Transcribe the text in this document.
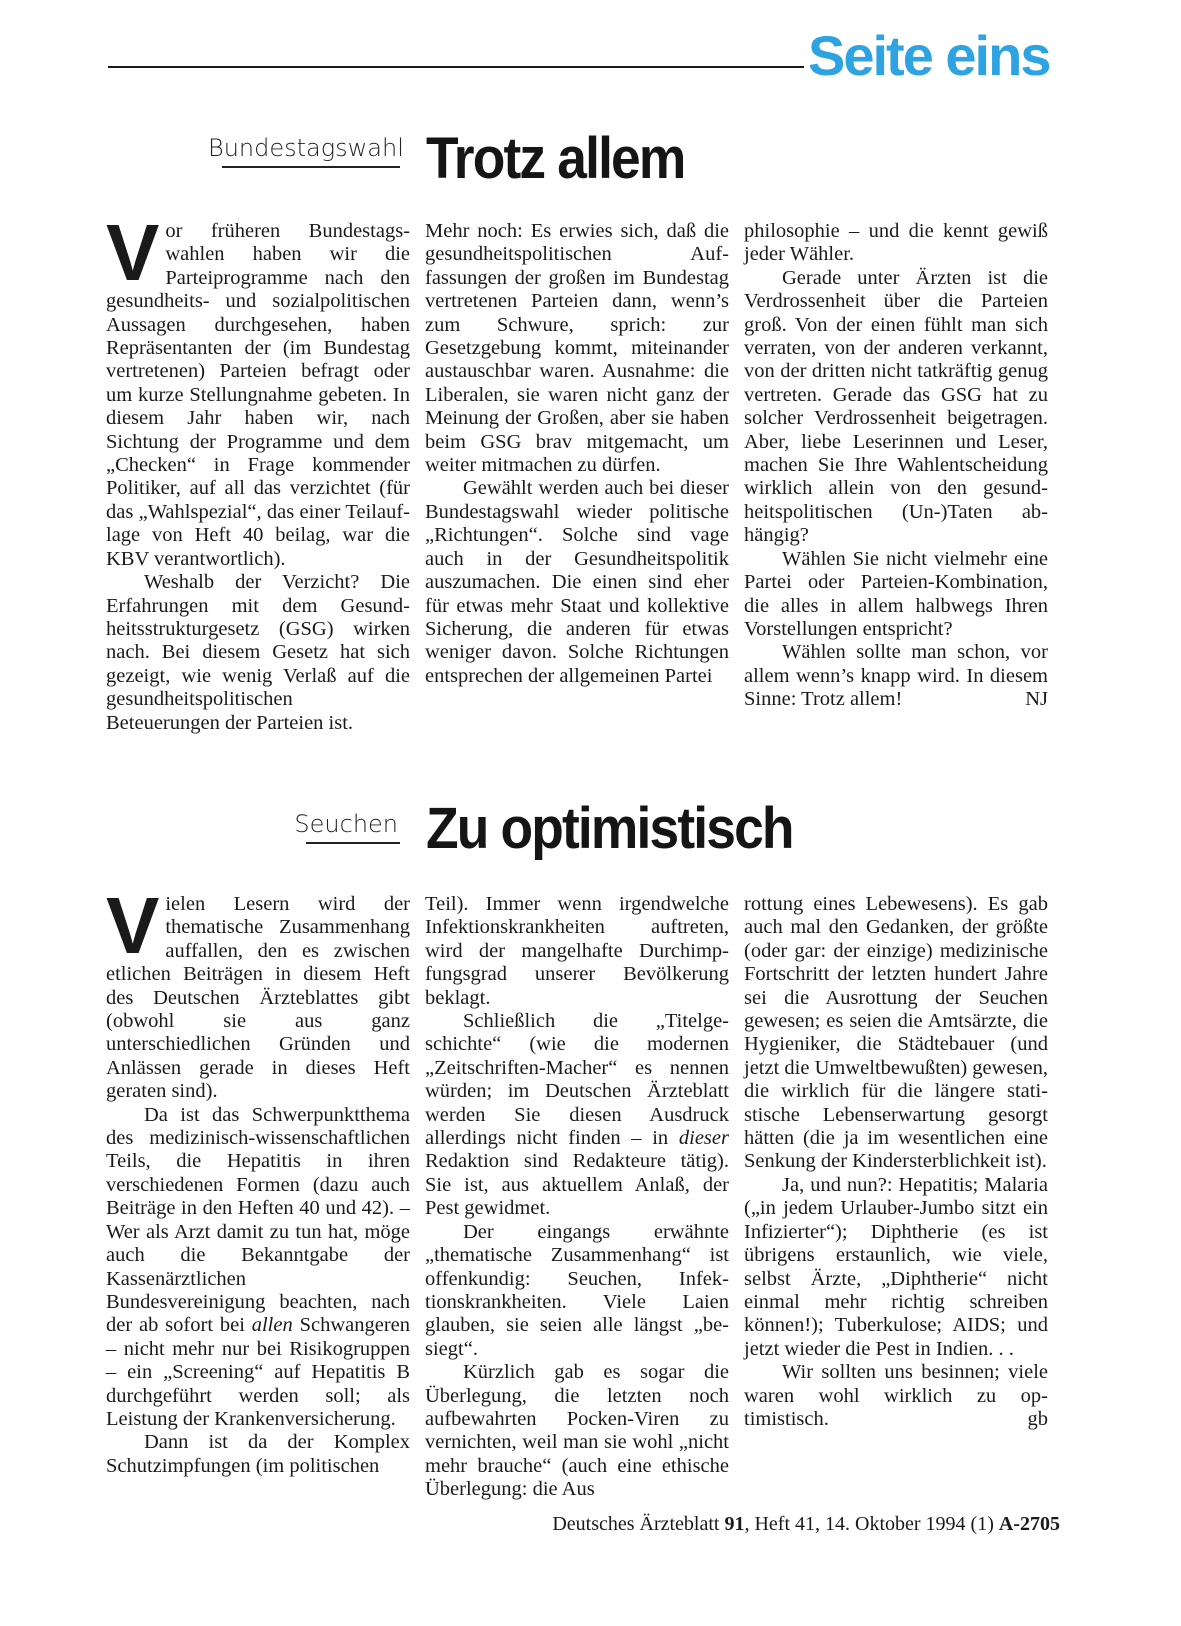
Seite eins
Bundestagswahl Trotz allem

Vor früheren Bundestagswahlen haben wir die Parteiprogramme nach den gesundheits- und sozialpolitischen Aussagen durchgesehen, haben Repräsentanten der (im Bundestag vertretenen) Parteien befragt oder um kurze Stellungnahme gebeten. In diesem Jahr haben wir, nach Sichtung der Programme und dem „Checken“ in Frage kommender Politiker, auf all das verzichtet (für das „Wahlspezial“, das einer Teilauflage von Heft 40 beilag, war die KBV verantwortlich).

Weshalb der Verzicht? Die Erfahrungen mit dem Gesundheitsstrukturgesetz (GSG) wirken nach. Bei diesem Gesetz hat sich gezeigt, wie wenig Verlaß auf die gesundheitspolitischen Beteuerungen der Parteien ist.

Mehr noch: Es erwies sich, daß die gesundheitspolitischen Auffassungen der großen im Bundestag vertretenen Parteien dann, wenn’s zum Schwure, sprich: zur Gesetzgebung kommt, miteinander austauschbar waren. Ausnahme: die Liberalen, sie waren nicht ganz der Meinung der Großen, aber sie haben beim GSG brav mitgemacht, um weiter mitmachen zu dürfen.

Gewählt werden auch bei dieser Bundestagswahl wieder politische „Richtungen“. Solche sind vage auch in der Gesundheitspolitik auszumachen. Die einen sind eher für etwas mehr Staat und kollektive Sicherung, die anderen für etwas weniger davon. Solche Richtungen entsprechen der allgemeinen Partei

philosophie – und die kennt gewiß jeder Wähler.

Gerade unter Ärzten ist die Verdrossenheit über die Parteien groß. Von der einen fühlt man sich verraten, von der anderen verkannt, von der dritten nicht tatkräftig genug vertreten. Gerade das GSG hat zu solcher Verdrossenheit beigetragen. Aber, liebe Leserinnen und Leser, machen Sie Ihre Wahlentscheidung wirklich allein von den gesundheitspolitischen (Un-)Taten abhängig?

Wählen Sie nicht vielmehr eine Partei oder Parteien-Kombination, die alles in allem halbwegs Ihren Vorstellungen entspricht?

Wählen sollte man schon, vor allem wenn’s knapp wird. In diesem Sinne: Trotz allem!	NJ

Seuchen Zu optimistisch

Vielen Lesern wird der thematische Zusammenhang auffallen, den es zwischen etlichen Beiträgen in diesem Heft des Deutschen Ärzteblattes gibt (obwohl sie aus ganz unterschiedlichen Gründen und Anlässen gerade in dieses Heft geraten sind).

Da ist das Schwerpunktthema des medizinisch-wissenschaftlichen Teils, die Hepatitis in ihren verschiedenen Formen (dazu auch Beiträge in den Heften 40 und 42). – Wer als Arzt damit zu tun hat, möge auch die Bekanntgabe der Kassenärztlichen Bundesvereinigung beachten, nach der ab sofort bei allen Schwangeren – nicht mehr nur bei Risikogruppen – ein „Screening“ auf Hepatitis B durchgeführt werden soll; als Leistung der Krankenversicherung.

Dann ist da der Komplex Schutzimpfungen (im politischen

Teil). Immer wenn irgendwelche Infektionskrankheiten auftreten, wird der mangelhafte Durchimpfungsgrad unserer Bevölkerung beklagt.

Schließlich die „Titelgeschichte“ (wie die modernen „Zeitschriften-Macher“ es nennen würden; im Deutschen Ärzteblatt werden Sie diesen Ausdruck allerdings nicht finden – in dieser Redaktion sind Redakteure tätig). Sie ist, aus aktuellem Anlaß, der Pest gewidmet.

Der eingangs erwähnte „thematische Zusammenhang“ ist offenkundig: Seuchen, Infektionskrankheiten. Viele Laien glauben, sie seien alle längst „besiegt“.

Kürzlich gab es sogar die Überlegung, die letzten noch aufbewahrten Pocken-Viren zu vernichten, weil man sie wohl „nicht mehr brauche“ (auch eine ethische Überlegung: die Aus

rottung eines Lebewesens). Es gab auch mal den Gedanken, der größte (oder gar: der einzige) medizinische Fortschritt der letzten hundert Jahre sei die Ausrottung der Seuchen gewesen; es seien die Amtsärzte, die Hygieniker, die Städtebauer (und jetzt die Umweltbewußten) gewesen, die wirklich für die längere statistische Lebenserwartung gesorgt hätten (die ja im wesentlichen eine Senkung der Kindersterblichkeit ist).

Ja, und nun?: Hepatitis; Malaria („in jedem Urlauber-Jumbo sitzt ein Infizierter“); Diphtherie (es ist übrigens erstaunlich, wie viele, selbst Ärzte, „Diphtherie“ nicht einmal mehr richtig schreiben können!); Tuberkulose; AIDS; und jetzt wieder die Pest in Indien. . .

Wir sollten uns besinnen; viele waren wohl wirklich zu optimistisch.	gb

Deutsches Ärzteblatt 91, Heft 41, 14. Oktober 1994 (1) A-2705
